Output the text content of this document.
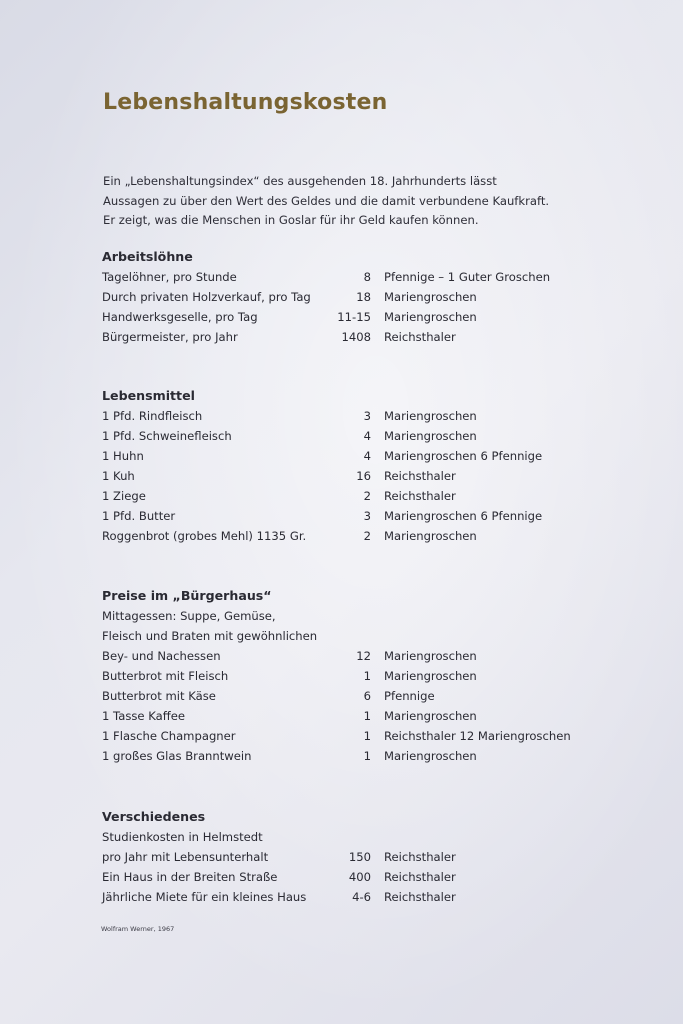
Lebenshaltungskosten
Ein „Lebenshaltungsindex“ des ausgehenden 18. Jahrhunderts lässt
Aussagen zu über den Wert des Geldes und die damit verbundene Kaufkraft.
Er zeigt, was die Menschen in Goslar für ihr Geld kaufen können.
Arbeitslöhne
Tagelöhner, pro Stunde	8 Pfennige – 1 Guter Groschen
Durch privaten Holzverkauf, pro Tag	18 Mariengroschen
Handwerksgeselle, pro Tag	11-15 Mariengroschen
Bürgermeister, pro Jahr	1408 Reichsthaler
Lebensmittel
1 Pfd. Rindfleisch	3 Mariengroschen
1 Pfd. Schweinefleisch	4 Mariengroschen
1 Huhn	4 Mariengroschen 6 Pfennige
1 Kuh	16 Reichsthaler
1 Ziege	2 Reichsthaler
1 Pfd. Butter	3 Mariengroschen 6 Pfennige
Roggenbrot (grobes Mehl) 1135 Gr.	2 Mariengroschen
Preise im „Bürgerhaus“
Mittagessen: Suppe, Gemüse,
Fleisch und Braten mit gewöhnlichen
Bey- und Nachessen	12 Mariengroschen
Butterbrot mit Fleisch	1 Mariengroschen
Butterbrot mit Käse	6 Pfennige
1 Tasse Kaffee	1 Mariengroschen
1 Flasche Champagner	1 Reichsthaler 12 Mariengroschen
1 großes Glas Branntwein	1 Mariengroschen
Verschiedenes
Studienkosten in Helmstedt
pro Jahr mit Lebensunterhalt	150 Reichsthaler
Ein Haus in der Breiten Straße	400 Reichsthaler
Jährliche Miete für ein kleines Haus	4-6 Reichsthaler
Wolfram Werner, 1967
